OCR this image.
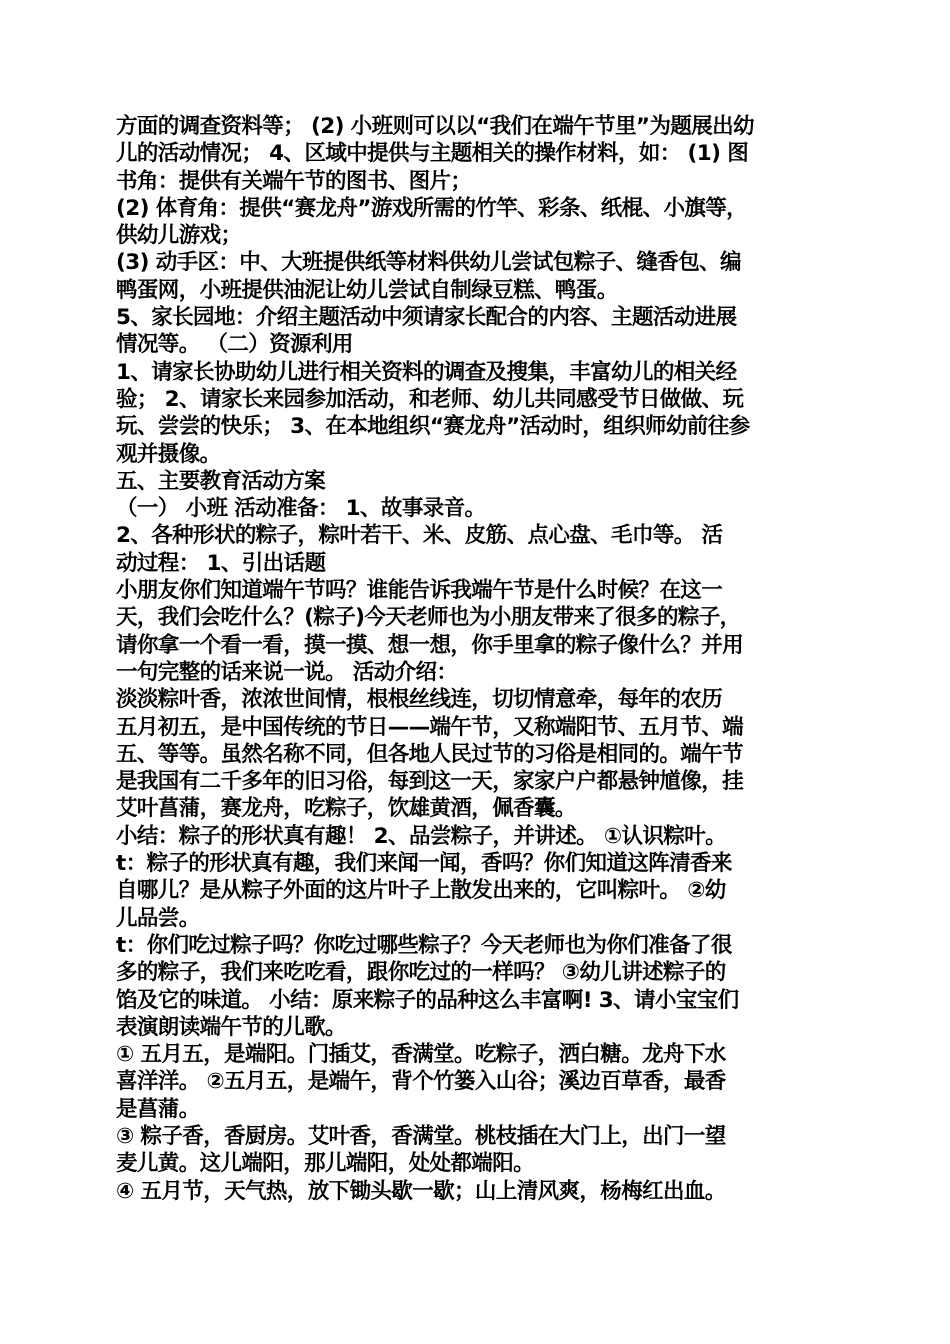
方面的调查资料等； (2) 小班则可以以“我们在端午节里”为题展出幼
儿的活动情况； 4、区域中提供与主题相关的操作材料，如： (1) 图
书角：提供有关端午节的图书、图片；
(2) 体育角：提供“赛龙舟”游戏所需的竹竿、彩条、纸棍、小旗等，
供幼儿游戏；
(3) 动手区：中、大班提供纸等材料供幼儿尝试包粽子、缝香包、编
鸭蛋网，小班提供油泥让幼儿尝试自制绿豆糕、鸭蛋。
5、家长园地：介绍主题活动中须请家长配合的内容、主题活动进展
情况等。 （二）资源利用
1、请家长协助幼儿进行相关资料的调查及搜集，丰富幼儿的相关经
验； 2、请家长来园参加活动，和老师、幼儿共同感受节日做做、玩
玩、尝尝的快乐； 3、在本地组织“赛龙舟”活动时，组织师幼前往参
观并摄像。
五、主要教育活动方案
（一） 小班 活动准备： 1、故事录音。
2、各种形状的粽子，粽叶若干、米、皮筋、点心盘、毛巾等。 活
动过程： 1、引出话题
小朋友你们知道端午节吗？谁能告诉我端午节是什么时候？在这一
天，我们会吃什么？(粽子)今天老师也为小朋友带来了很多的粽子，
请你拿一个看一看，摸一摸、想一想，你手里拿的粽子像什么？并用
一句完整的话来说一说。 活动介绍：
淡淡粽叶香，浓浓世间情，根根丝线连，切切情意牵，每年的农历
五月初五，是中国传统的节日——端午节，又称端阳节、五月节、端
五、等等。虽然名称不同，但各地人民过节的习俗是相同的。端午节
是我国有二千多年的旧习俗，每到这一天，家家户户都悬钟馗像，挂
艾叶菖蒲，赛龙舟，吃粽子，饮雄黄酒，佩香囊。
小结：粽子的形状真有趣！ 2、品尝粽子，并讲述。 ①认识粽叶。
t：粽子的形状真有趣，我们来闻一闻，香吗？你们知道这阵清香来
自哪儿？是从粽子外面的这片叶子上散发出来的，它叫粽叶。 ②幼
儿品尝。
t：你们吃过粽子吗？你吃过哪些粽子？今天老师也为你们准备了很
多的粽子，我们来吃吃看，跟你吃过的一样吗？ ③幼儿讲述粽子的
馅及它的味道。 小结：原来粽子的品种这么丰富啊! 3、请小宝宝们
表演朗读端午节的儿歌。
① 五月五，是端阳。门插艾，香满堂。吃粽子，洒白糖。龙舟下水
喜洋洋。 ②五月五，是端午，背个竹篓入山谷；溪边百草香，最香
是菖蒲。
③ 粽子香，香厨房。艾叶香，香满堂。桃枝插在大门上，出门一望
麦儿黄。这儿端阳，那儿端阳，处处都端阳。
④ 五月节，天气热，放下锄头歇一歇；山上清风爽，杨梅红出血。
